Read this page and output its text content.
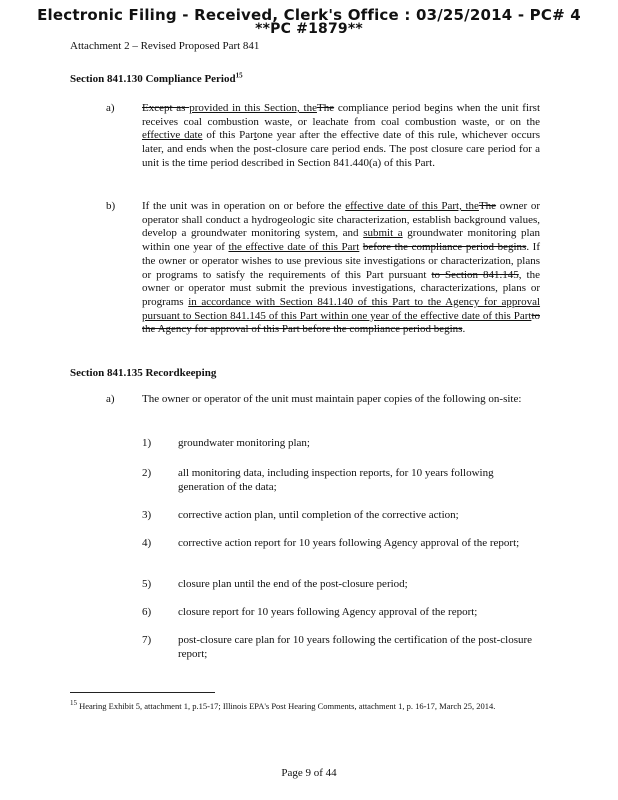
Electronic Filing - Received, Clerk's Office : 03/25/2014 - PC# 4
**PC #1879**
Attachment 2 – Revised Proposed Part 841
Section 841.130 Compliance Period$^{15}$
a) Except as provided in this Section, theThe compliance period begins when the unit first receives coal combustion waste, or leachate from coal combustion waste, or on the effective date of this Partone year after the effective date of this rule, whichever occurs later, and ends when the post-closure care period ends. The post closure care period for a unit is the time period described in Section 841.440(a) of this Part.
b) If the unit was in operation on or before the effective date of this Part, theThe owner or operator shall conduct a hydrogeologic site characterization, establish background values, develop a groundwater monitoring system, and submit a groundwater monitoring plan within one year of the effective date of this Part before the compliance period begins. If the owner or operator wishes to use previous site investigations or characterization, plans or programs to satisfy the requirements of this Part pursuant to Section 841.145, the owner or operator must submit the previous investigations, characterizations, plans or programs in accordance with Section 841.140 of this Part to the Agency for approval pursuant to Section 841.145 of this Part within one year of the effective date of this Partto the Agency for approval of this Part before the compliance period begins.
Section 841.135 Recordkeeping
a) The owner or operator of the unit must maintain paper copies of the following on-site:
1) groundwater monitoring plan;
2) all monitoring data, including inspection reports, for 10 years following generation of the data;
3) corrective action plan, until completion of the corrective action;
4) corrective action report for 10 years following Agency approval of the report;
5) closure plan until the end of the post-closure period;
6) closure report for 10 years following Agency approval of the report;
7) post-closure care plan for 10 years following the certification of the post-closure report;
$^{15}$ Hearing Exhibit 5, attachment 1, p.15-17; Illinois EPA's Post Hearing Comments, attachment 1, p. 16-17, March 25, 2014.
Page 9 of 44
